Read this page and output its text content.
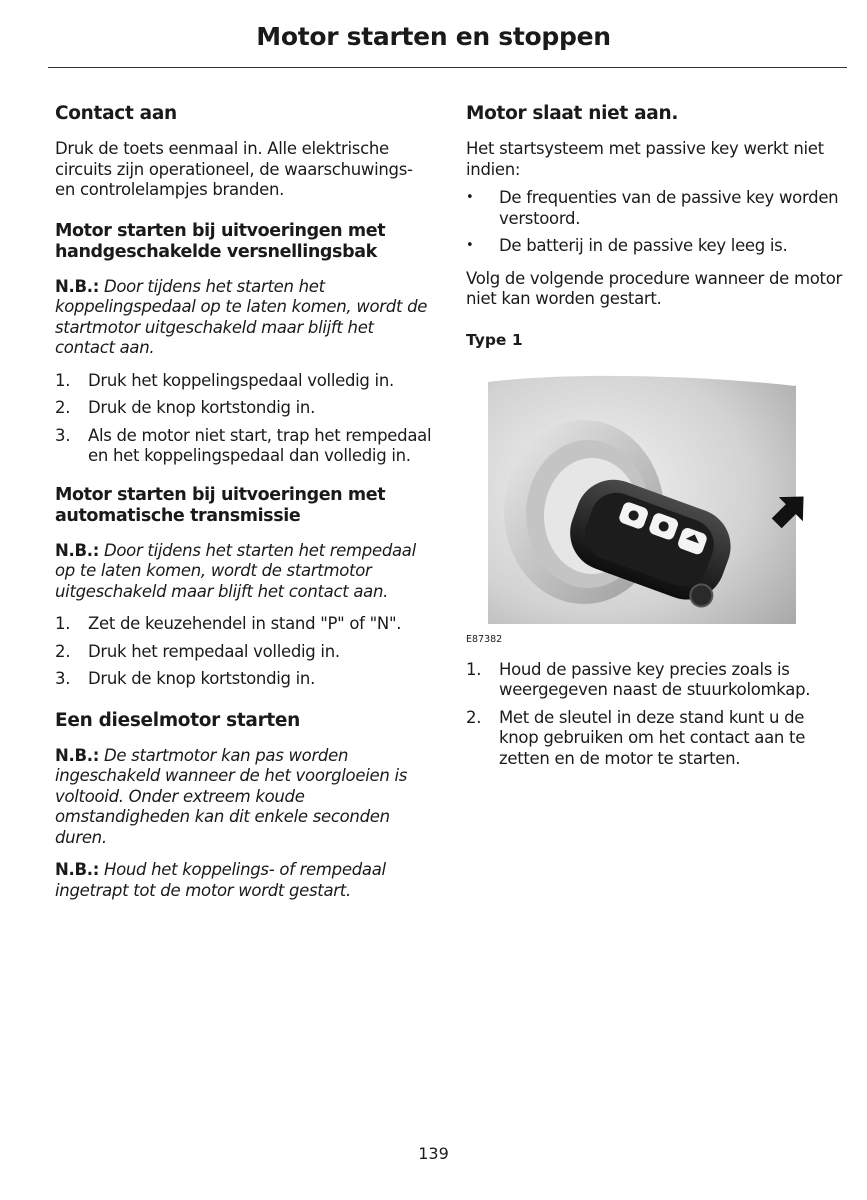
Motor starten en stoppen
Contact aan

Druk de toets eenmaal in. Alle elektrische circuits zijn operationeel, de waarschuwings- en controlelampjes branden.

Motor starten bij uitvoeringen met handgeschakelde versnellingsbak

N.B.: Door tijdens het starten het koppelingspedaal op te laten komen, wordt de startmotor uitgeschakeld maar blijft het contact aan.

1. Druk het koppelingspedaal volledig in.
2. Druk de knop kortstondig in.
3. Als de motor niet start, trap het rempedaal en het koppelingspedaal dan volledig in.
Motor starten bij uitvoeringen met automatische transmissie

N.B.: Door tijdens het starten het rempedaal op te laten komen, wordt de startmotor uitgeschakeld maar blijft het contact aan.

1. Zet de keuzehendel in stand "P" of "N".
2. Druk het rempedaal volledig in.
3. Druk de knop kortstondig in.
Een dieselmotor starten

N.B.: De startmotor kan pas worden ingeschakeld wanneer de het voorgloeien is voltooid. Onder extreem koude omstandigheden kan dit enkele seconden duren.

N.B.: Houd het koppelings- of rempedaal ingetrapt tot de motor wordt gestart.

Motor slaat niet aan.

Het startsysteem met passive key werkt niet indien:

• De frequenties van de passive key worden verstoord.
• De batterij in de passive key leeg is.

Volg de volgende procedure wanneer de motor niet kan worden gestart.

Type 1
E87382
1. Houd de passive key precies zoals is weergegeven naast de stuurkolomkap.
2. Met de sleutel in deze stand kunt u de knop gebruiken om het contact aan te zetten en de motor te starten.
139
